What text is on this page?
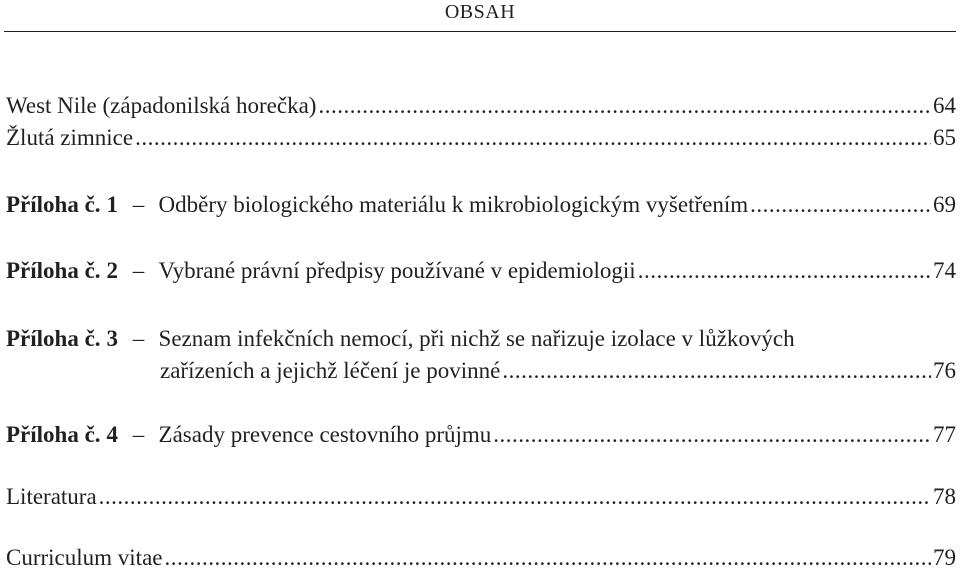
OBSAH
West Nile (západonilská horečka) .....	64
Žlutá zimnice .....	65
Příloha č. 1 – Odběry biologického materiálu k mikrobiologickým vyšetřením .....	69
Příloha č. 2 – Vybrané právní předpisy používané v epidemiologii .....	74
Příloha č. 3 – Seznam infekčních nemocí, při nichž se nařizuje izolace v lůžkových
zařízeních a jejichž léčení je povinné .....	76
Příloha č. 4 – Zásady prevence cestovního průjmu .....	77
Literatura .....	78
Curriculum vitae .....	79
